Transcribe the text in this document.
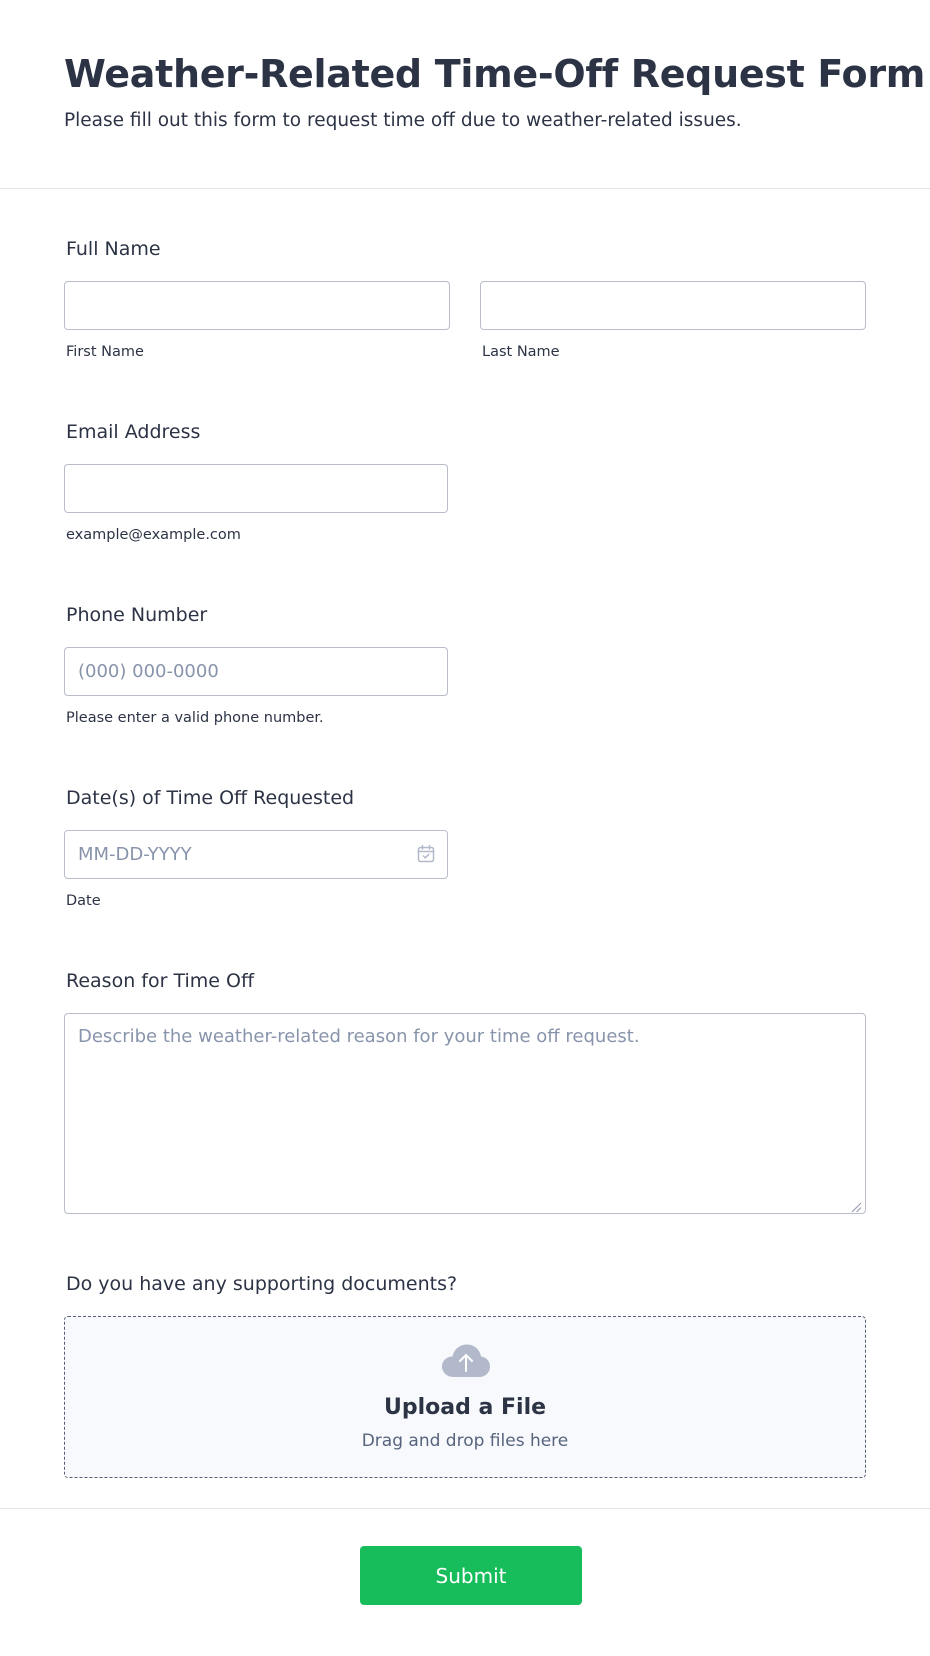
Weather-Related Time-Off Request Form
Please fill out this form to request time off due to weather-related issues.
Full Name
First Name	Last Name
Email Address
example@example.com
Phone Number
(000) 000-0000
Please enter a valid phone number.
Date(s) of Time Off Requested
MM-DD-YYYY
Date
Reason for Time Off
Describe the weather-related reason for your time off request.
Do you have any supporting documents?
Upload a File
Drag and drop files here
Submit
